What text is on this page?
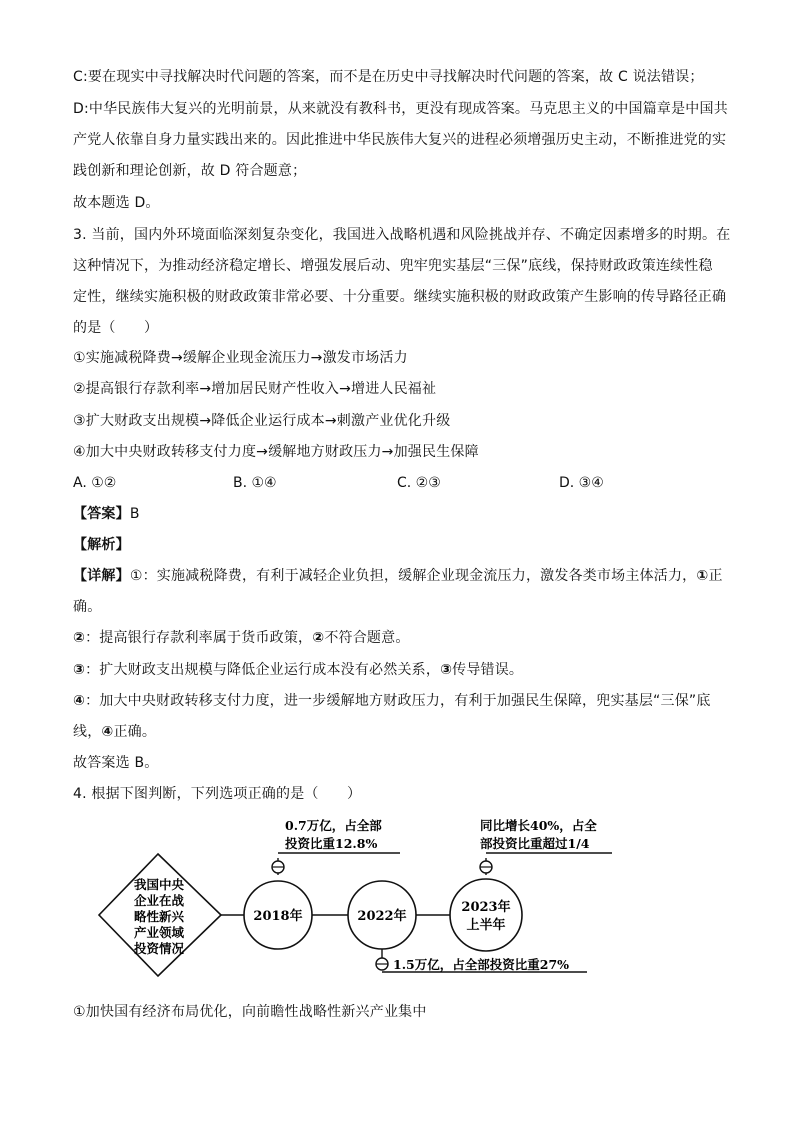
C:要在现实中寻找解决时代问题的答案，而不是在历史中寻找解决时代问题的答案，故 C 说法错误；
D:中华民族伟大复兴的光明前景，从来就没有教科书，更没有现成答案。马克思主义的中国篇章是中国共
产党人依靠自身力量实践出来的。因此推进中华民族伟大复兴的进程必须增强历史主动，不断推进党的实
践创新和理论创新，故 D 符合题意；
故本题选 D。
3. 当前，国内外环境面临深刻复杂变化，我国进入战略机遇和风险挑战并存、不确定因素增多的时期。在
这种情况下，为推动经济稳定增长、增强发展后动、兜牢兜实基层“三保”底线，保持财政政策连续性稳
定性，继续实施积极的财政政策非常必要、十分重要。继续实施积极的财政政策产生影响的传导路径正确
的是（　　）
①实施减税降费→缓解企业现金流压力→激发市场活力
②提高银行存款利率→增加居民财产性收入→增进人民福祉
③扩大财政支出规模→降低企业运行成本→刺激产业优化升级
④加大中央财政转移支付力度→缓解地方财政压力→加强民生保障
A. ①②	B. ①④	C. ②③	D. ③④
【答案】B
【解析】
【详解】①：实施减税降费，有利于减轻企业负担，缓解企业现金流压力，激发各类市场主体活力，①正
确。
②：提高银行存款利率属于货币政策，②不符合题意。
③：扩大财政支出规模与降低企业运行成本没有必然关系，③传导错误。
④：加大中央财政转移支付力度，进一步缓解地方财政压力，有利于加强民生保障，兜实基层“三保”底
线，④正确。
故答案选 B。
4. 根据下图判断，下列选项正确的是（　　）
我国中央
企业在战
略性新兴
产业领域
投资情况
0.7万亿，占全部
投资比重12.8%
同比增长40%，占全
部投资比重超过1/4
1.5万亿，占全部投资比重27%
2018年	2022年
2023年
上半年
①加快国有经济布局优化，向前瞻性战略性新兴产业集中
